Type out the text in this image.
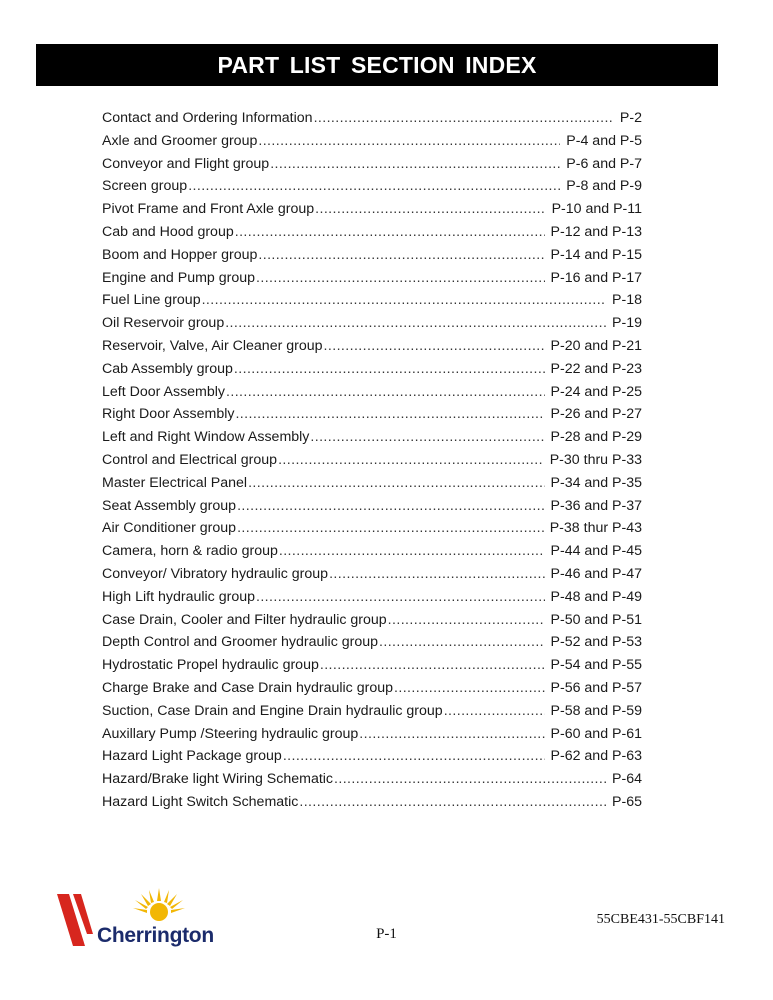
PART LIST SECTION INDEX
Contact and Ordering Information .....	P-2
Axle and Groomer group .....	P-4 and P-5
Conveyor and Flight group .....	P-6 and P-7
Screen group .....	P-8 and P-9
Pivot Frame and Front Axle group .....	P-10 and P-11
Cab and Hood group .....	P-12 and P-13
Boom and Hopper group .....	P-14 and P-15
Engine and Pump group .....	P-16 and P-17
Fuel Line group .....	P-18
Oil Reservoir group .....	P-19
Reservoir, Valve, Air Cleaner group .....	P-20 and P-21
Cab Assembly group .....	P-22 and P-23
Left Door Assembly .....	P-24 and P-25
Right Door Assembly .....	P-26 and P-27
Left and Right Window Assembly .....	P-28 and P-29
Control and Electrical group .....	P-30 thru P-33
Master Electrical Panel .....	P-34 and P-35
Seat Assembly group .....	P-36 and P-37
Air Conditioner group .....	P-38 thur P-43
Camera, horn & radio group .....	P-44 and P-45
Conveyor/ Vibratory hydraulic group .....	P-46 and P-47
High Lift hydraulic group .....	P-48 and P-49
Case Drain, Cooler and Filter hydraulic group .....	P-50 and P-51
Depth Control and Groomer hydraulic group .....	P-52 and P-53
Hydrostatic Propel hydraulic group .....	P-54 and P-55
Charge Brake and Case Drain hydraulic group .....	P-56 and P-57
Suction, Case Drain and Engine Drain hydraulic group .....	P-58 and P-59
Auxillary Pump /Steering hydraulic group .....	P-60 and P-61
Hazard Light Package group .....	P-62 and P-63
Hazard/Brake light Wiring Schematic .....	P-64
Hazard Light Switch Schematic .....	P-65
Cherrington	P-1
55CBE431-55CBF141
